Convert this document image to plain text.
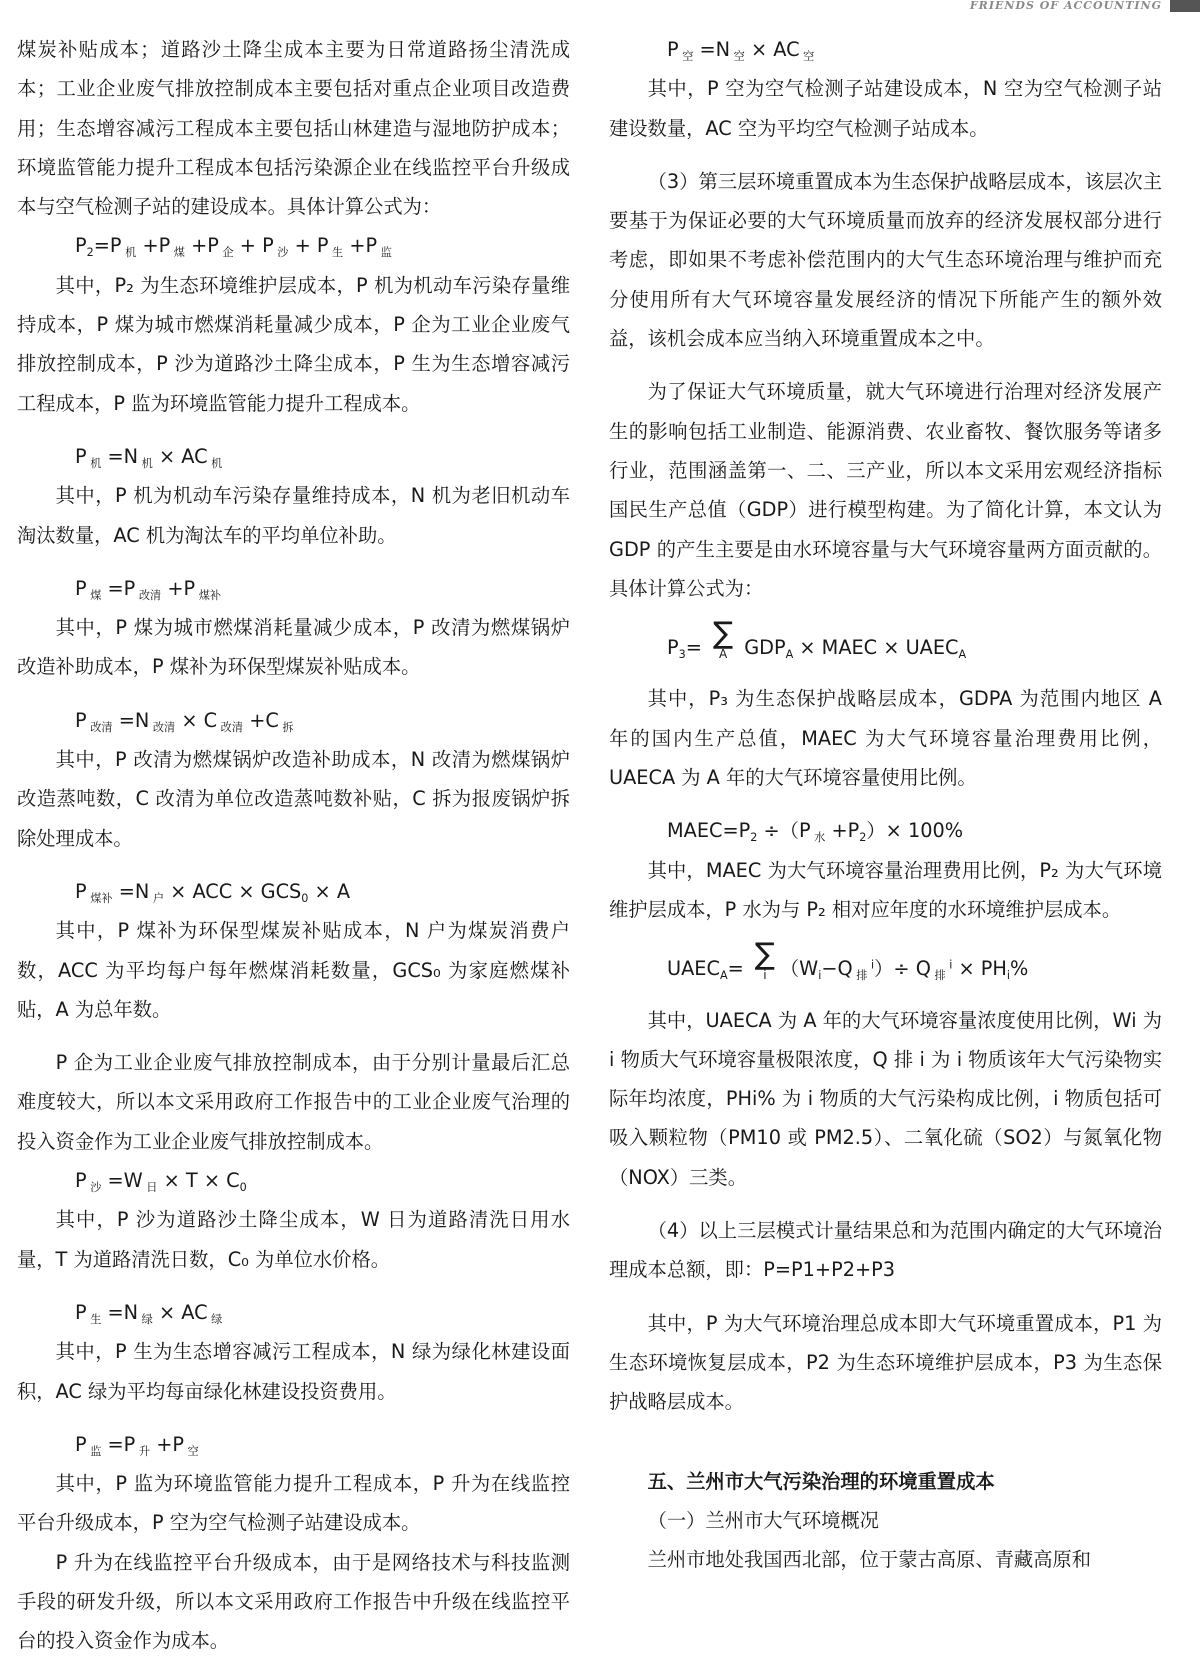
FRIENDS OF ACCOUNTING

煤炭补贴成本；道路沙土降尘成本主要为日常道路扬尘清洗成本；工业企业废气排放控制成本主要包括对重点企业项目改造费用；生态增容减污工程成本主要包括山林建造与湿地防护成本；环境监管能力提升工程成本包括污染源企业在线监控平台升级成本与空气检测子站的建设成本。具体计算公式为：

$P_2=P$ $_机$ +P $_煤$ +P $_企$ + P $_沙$ + P $_生$ +P $_监$

其中，P₂ 为生态环境维护层成本，P 机为机动车污染存量维持成本，P 煤为城市燃煤消耗量减少成本，P 企为工业企业废气排放控制成本，P 沙为道路沙土降尘成本，P 生为生态增容减污工程成本，P 监为环境监管能力提升工程成本。

P $_机$ =N $_机$ × AC $_机$

其中，P 机为机动车污染存量维持成本，N 机为老旧机动车淘汰数量，AC 机为淘汰车的平均单位补助。

P $_煤$ =P $_{改清}$ +P $_{煤补}$

其中，P 煤为城市燃煤消耗量减少成本，P 改清为燃煤锅炉改造补助成本，P 煤补为环保型煤炭补贴成本。

P $_{改清}$ =N $_{改清}$ × C $_{改清}$ +C $_拆$

其中，P 改清为燃煤锅炉改造补助成本，N 改清为燃煤锅炉改造蒸吨数，C 改清为单位改造蒸吨数补贴，C 拆为报废锅炉拆除处理成本。

P $_{煤补}$ =N $_户$ × ACC × $GCS_0 \times A$

其中，P 煤补为环保型煤炭补贴成本，N 户为煤炭消费户数，ACC 为平均每户每年燃煤消耗数量，GCS₀ 为家庭燃煤补贴，A 为总年数。

P 企为工业企业废气排放控制成本，由于分别计量最后汇总难度较大，所以本文采用政府工作报告中的工业企业废气治理的投入资金作为工业企业废气排放控制成本。

P $_沙$ =W $_日 \times T \times C_0$

其中，P 沙为道路沙土降尘成本，W 日为道路清洗日用水量，T 为道路清洗日数，C₀ 为单位水价格。

P $_生$ =N $_绿$ × AC $_绿$

其中，P 生为生态增容减污工程成本，N 绿为绿化林建设面积，AC 绿为平均每亩绿化林建设投资费用。

P $_监$ =P $_升$ +P $_空$

其中，P 监为环境监管能力提升工程成本，P 升为在线监控平台升级成本，P 空为空气检测子站建设成本。

P 升为在线监控平台升级成本，由于是网络技术与科技监测手段的研发升级，所以本文采用政府工作报告中升级在线监控平台的投入资金作为成本。

P $_空$ =N $_空$ × AC $_空$

其中，P 空为空气检测子站建设成本，N 空为空气检测子站建设数量，AC 空为平均空气检测子站成本。

（3）第三层环境重置成本为生态保护战略层成本，该层次主要基于为保证必要的大气环境质量而放弃的经济发展权部分进行考虑，即如果不考虑补偿范围内的大气生态环境治理与维护而充分使用所有大气环境容量发展经济的情况下所能产生的额外效益，该机会成本应当纳入环境重置成本之中。

为了保证大气环境质量，就大气环境进行治理对经济发展产生的影响包括工业制造、能源消费、农业畜牧、餐饮服务等诸多行业，范围涵盖第一、二、三产业，所以本文采用宏观经济指标国民生产总值（GDP）进行模型构建。为了简化计算，本文认为 GDP 的产生主要是由水环境容量与大气环境容量两方面贡献的。具体计算公式为：

$P_3=$ ∑
A $GDP_A$ × MAEC × $UAEC_A$

其中，P₃ 为生态保护战略层成本，GDPA 为范围内地区 A 年的国内生产总值，MAEC 为大气环境容量治理费用比例，UAECA 为 A 年的大气环境容量使用比例。

$MAEC=P_2 \div(P$ $_水 +P_2)\times 100\%$

其中，MAEC 为大气环境容量治理费用比例，P₂ 为大气环境维护层成本，P 水为与 P₂ 相对应年度的水环境维护层成本。

$UAEC_A=$ ∑
i （$W_i-Q$ $_排$ $^i$）÷ Q $_排$ $^i \times PH_i\%$

其中，UAECA 为 A 年的大气环境容量浓度使用比例，Wi 为 i 物质大气环境容量极限浓度，Q 排 i 为 i 物质该年大气污染物实际年均浓度，PHi% 为 i 物质的大气污染构成比例，i 物质包括可吸入颗粒物（PM10 或 PM2.5）、二氧化硫（SO2）与氮氧化物（NOX）三类。

（4）以上三层模式计量结果总和为范围内确定的大气环境治理成本总额，即：P=P1+P2+P3

其中，P 为大气环境治理总成本即大气环境重置成本，P1 为生态环境恢复层成本，P2 为生态环境维护层成本，P3 为生态保护战略层成本。

五、兰州市大气污染治理的环境重置成本

（一）兰州市大气环境概况

兰州市地处我国西北部，位于蒙古高原、青藏高原和
